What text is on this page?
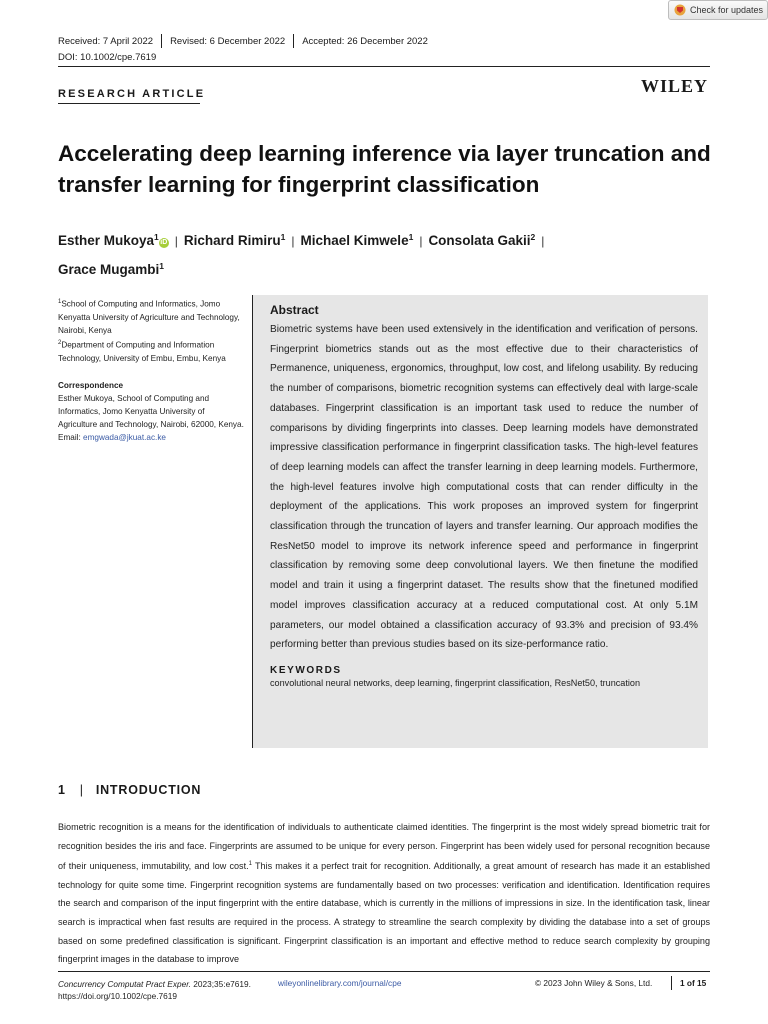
Check for updates
Received: 7 April 2022 Revised: 6 December 2022 Accepted: 26 December 2022
DOI: 10.1002/cpe.7619
RESEARCH ARTICLE	WILEY
Accelerating deep learning inference via layer truncation and transfer learning for fingerprint classification
Esther Mukoya$^1$iD | Richard Rimiru$^1$ | Michael Kimwele$^1$ | Consolata Gakii$^2$ |
Grace Mugambi$^1$
$^1$School of Computing and Informatics, Jomo Kenyatta University of Agriculture and Technology, Nairobi, Kenya
$^2$Department of Computing and Information Technology, University of Embu, Embu, Kenya
Correspondence
Esther Mukoya, School of Computing and Informatics, Jomo Kenyatta University of Agriculture and Technology, Nairobi, 62000, Kenya.
Email: emgwada@jkuat.ac.ke
Abstract
Biometric systems have been used extensively in the identification and verification of persons. Fingerprint biometrics stands out as the most effective due to their characteristics of Permanence, uniqueness, ergonomics, throughput, low cost, and lifelong usability. By reducing the number of comparisons, biometric recognition systems can effectively deal with large-scale databases. Fingerprint classification is an important task used to reduce the number of comparisons by dividing fingerprints into classes. Deep learning models have demonstrated impressive classification performance in fingerprint classification tasks. The high-level features of deep learning models can affect the transfer learning in deep learning models. Furthermore, the high-level features involve high computational costs that can render difficulty in the deployment of the applications. This work proposes an improved system for fingerprint classification through the truncation of layers and transfer learning. Our approach modifies the ResNet50 model to improve its network inference speed and performance in fingerprint classification by removing some deep convolutional layers. We then finetune the modified model and train it using a fingerprint dataset. The results show that the finetuned modified model improves classification accuracy at a reduced computational cost. At only 5.1M parameters, our model obtained a classification accuracy of 93.3% and precision of 93.4% performing better than previous studies based on its size-performance ratio.
KEYWORDS
convolutional neural networks, deep learning, fingerprint classification, ResNet50, truncation
1 | INTRODUCTION
Biometric recognition is a means for the identification of individuals to authenticate claimed identities. The fingerprint is the most widely spread biometric trait for recognition besides the iris and face. Fingerprints are assumed to be unique for every person. Fingerprint has been widely used for personal recognition because of their uniqueness, immutability, and low cost.$^1$ This makes it a perfect trait for recognition. Additionally, a great amount of research has made it an established technology for quite some time. Fingerprint recognition systems are fundamentally based on two processes: verification and identification. Identification requires the search and comparison of the input fingerprint with the entire database, which is currently in the millions of impressions in size. In the identification task, linear search is impractical when fast results are required in the process. A strategy to streamline the search complexity by dividing the database into a set of groups based on some predefined classification is significant. Fingerprint classification is an important and effective method to reduce search complexity by grouping fingerprint images in the database to improve
Concurrency Computat Pract Exper. 2023;35:e7619.
https://doi.org/10.1002/cpe.7619
wileyonlinelibrary.com/journal/cpe	© 2023 John Wiley & Sons, Ltd.	1 of 15
